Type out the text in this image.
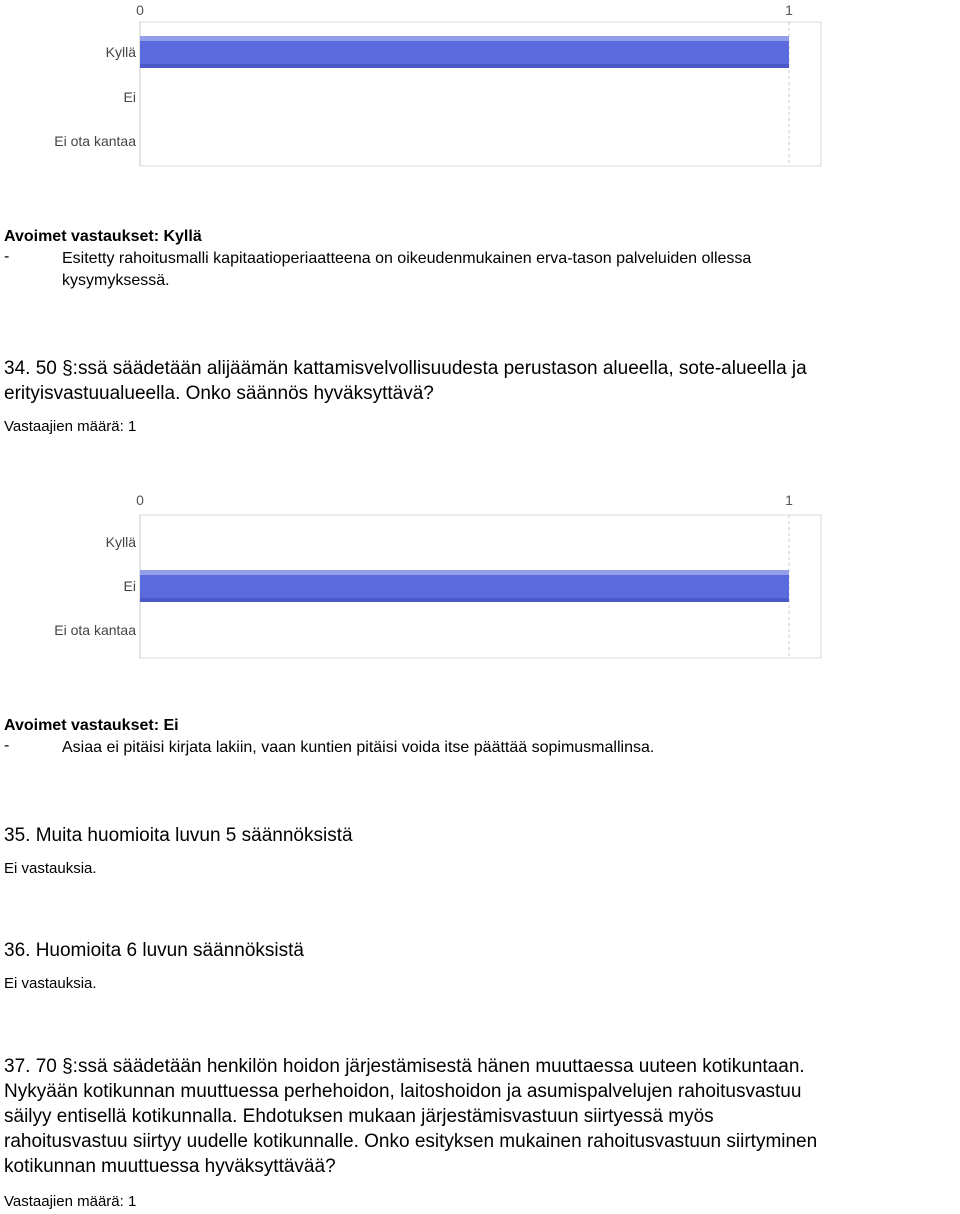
0	1
Kyllä
Ei
Ei ota kantaa
Avoimet vastaukset: Kyllä
-	Esitetty rahoitusmalli kapitaatioperiaatteena on oikeudenmukainen erva-tason palveluiden ollessa
kysymyksessä.
34. 50 §:ssä säädetään alijäämän kattamisvelvollisuudesta perustason alueella, sote-alueella ja
erityisvastuualueella. Onko säännös hyväksyttävä?
Vastaajien määrä: 1
0	1
Kyllä
Ei
Ei ota kantaa
Avoimet vastaukset: Ei
-	Asiaa ei pitäisi kirjata lakiin, vaan kuntien pitäisi voida itse päättää sopimusmallinsa.
35. Muita huomioita luvun 5 säännöksistä
Ei vastauksia.
36. Huomioita 6 luvun säännöksistä
Ei vastauksia.
37. 70 §:ssä säädetään henkilön hoidon järjestämisestä hänen muuttaessa uuteen kotikuntaan.
Nykyään kotikunnan muuttuessa perhehoidon, laitoshoidon ja asumispalvelujen rahoitusvastuu
säilyy entisellä kotikunnalla. Ehdotuksen mukaan järjestämisvastuun siirtyessä myös
rahoitusvastuu siirtyy uudelle kotikunnalle. Onko esityksen mukainen rahoitusvastuun siirtyminen
kotikunnan muuttuessa hyväksyttävää?
Vastaajien määrä: 1
